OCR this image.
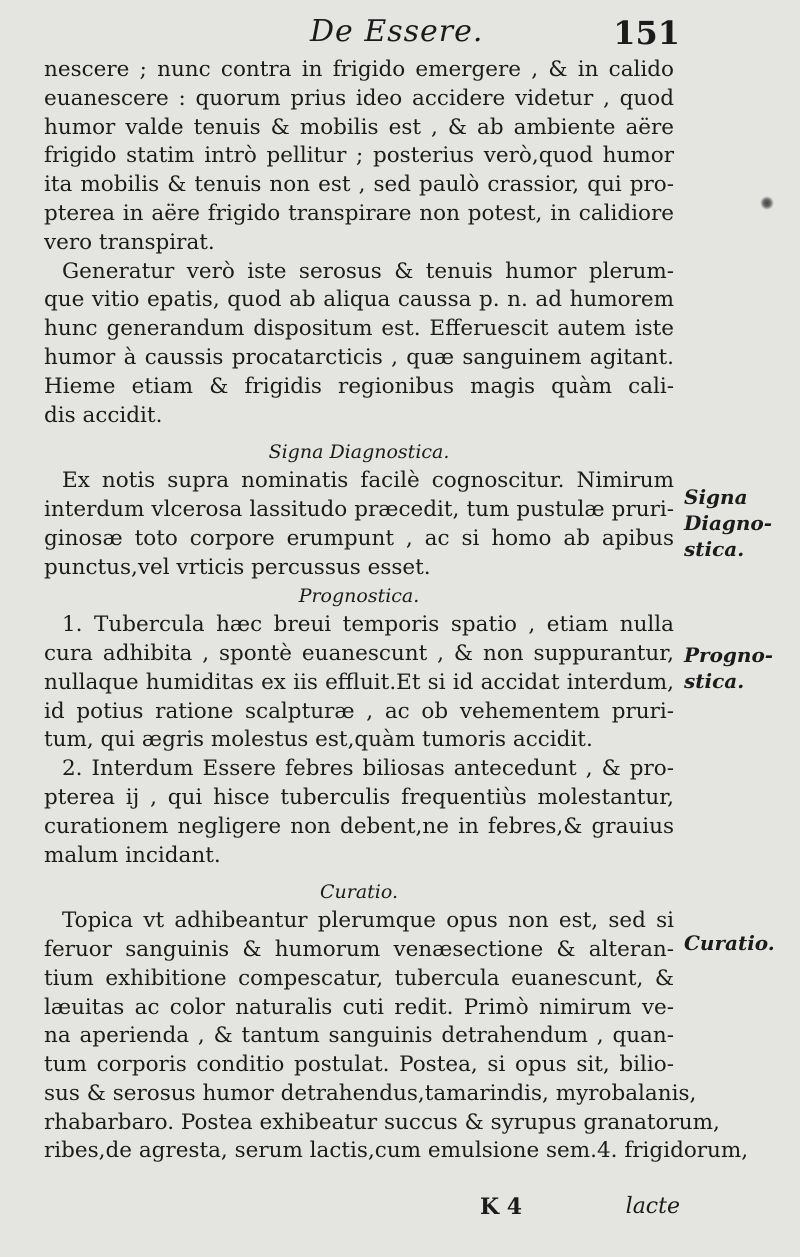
De Essere.	151
nescere ; nunc contra in frigido emergere , & in calido
euanescere : quorum prius ideo accidere videtur , quod
humor valde tenuis & mobilis est , & ab ambiente aëre
frigido statim intrò pellitur ; posterius verò,quod humor
ita mobilis & tenuis non est , sed paulò crassior, qui pro-
pterea in aëre frigido transpirare non potest, in calidiore
vero transpirat.
Generatur verò iste serosus & tenuis humor plerum-
que vitio epatis, quod ab aliqua caussa p. n. ad humorem
hunc generandum dispositum est. Efferuescit autem iste
humor à caussis procatarcticis , quæ sanguinem agitant.
Hieme etiam & frigidis regionibus magis quàm cali-
dis accidit.
Signa Diagnostica.
Ex notis supra nominatis facilè cognoscitur. Nimirum
interdum vlcerosa lassitudo præcedit, tum pustulæ pruri-
ginosæ toto corpore erumpunt , ac si homo ab apibus
punctus,vel vrticis percussus esset.
Prognostica.
1. Tubercula hæc breui temporis spatio , etiam nulla
cura adhibita , spontè euanescunt , & non suppurantur,
nullaque humiditas ex iis effluit.Et si id accidat interdum,
id potius ratione scalpturæ , ac ob vehementem pruri-
tum, qui ægris molestus est,quàm tumoris accidit.
2. Interdum Essere febres biliosas antecedunt , & pro-
pterea ij , qui hisce tuberculis frequentiùs molestantur,
curationem negligere non debent,ne in febres,& grauius
malum incidant.
Curatio.
Topica vt adhibeantur plerumque opus non est, sed si
feruor sanguinis & humorum venæsectione & alteran-
tium exhibitione compescatur, tubercula euanescunt, &
læuitas ac color naturalis cuti redit. Primò nimirum ve-
na aperienda , & tantum sanguinis detrahendum , quan-
tum corporis conditio postulat. Postea, si opus sit, bilio-
sus & serosus humor detrahendus,tamarindis, myrobalanis,
rhabarbaro. Postea exhibeatur succus & syrupus granatorum,
ribes,de agresta, serum lactis,cum emulsione sem.4. frigidorum,
Signa Diagno-stica.
Progno-stica.
Curatio.
K 4	lacte
